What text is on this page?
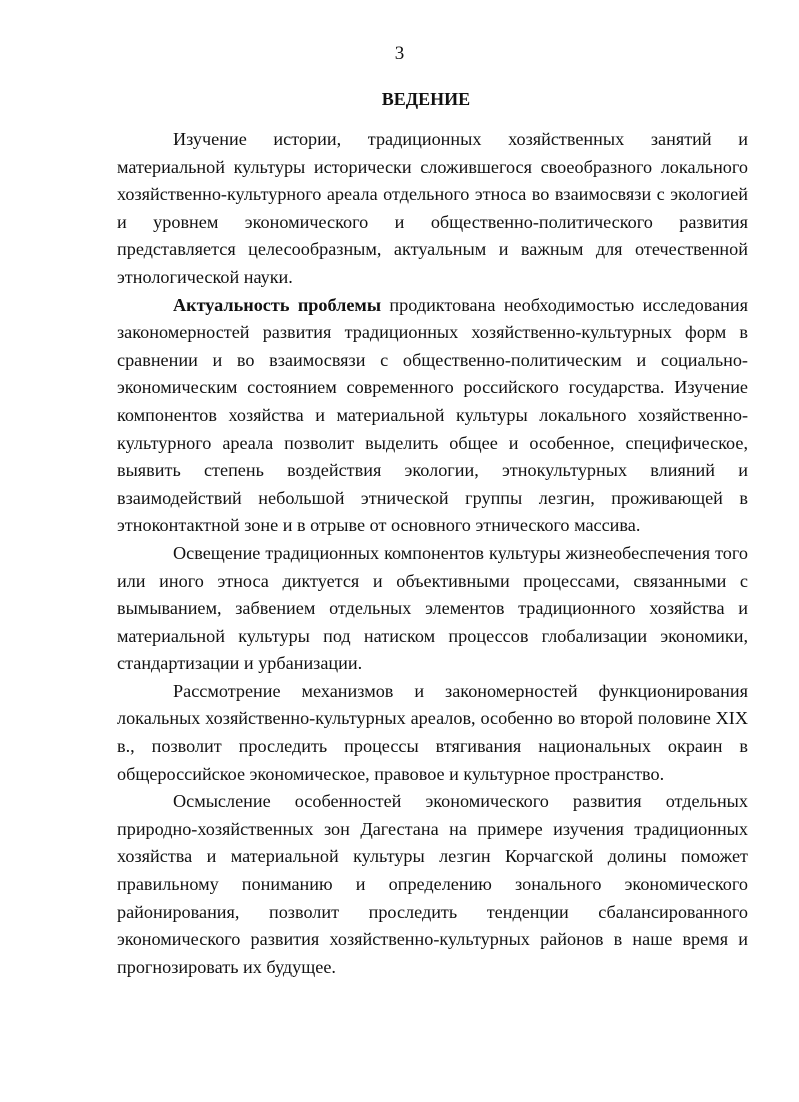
3
ВЕДЕНИЕ

Изучение истории, традиционных хозяйственных занятий и материальной культуры исторически сложившегося своеобразного локального хозяйственно-культурного ареала отдельного этноса во взаимосвязи с экологией и уровнем экономического и общественно-политического развития представляется целесообразным, актуальным и важным для отечественной этнологической науки.

Актуальность проблемы продиктована необходимостью исследования закономерностей развития традиционных хозяйственно-культурных форм в сравнении и во взаимосвязи с общественно-политическим и социально-экономическим состоянием современного российского государства. Изучение компонентов хозяйства и материальной культуры локального хозяйственно-культурного ареала позволит выделить общее и особенное, специфическое, выявить степень воздействия экологии, этнокультурных влияний и взаимодействий небольшой этнической группы лезгин, проживающей в этноконтактной зоне и в отрыве от основного этнического массива.

Освещение традиционных компонентов культуры жизнеобеспечения того или иного этноса диктуется и объективными процессами, связанными с вымыванием, забвением отдельных элементов традиционного хозяйства и материальной культуры под натиском процессов глобализации экономики, стандартизации и урбанизации.

Рассмотрение механизмов и закономерностей функционирования локальных хозяйственно-культурных ареалов, особенно во второй половине XIX в., позволит проследить процессы втягивания национальных окраин в общероссийское экономическое, правовое и культурное пространство.

Осмысление особенностей экономического развития отдельных природно-хозяйственных зон Дагестана на примере изучения традиционных хозяйства и материальной культуры лезгин Корчагской долины поможет правильному пониманию и определению зонального экономического районирования, позволит проследить тенденции сбалансированного экономического развития хозяйственно-культурных районов в наше время и прогнозировать их будущее.
